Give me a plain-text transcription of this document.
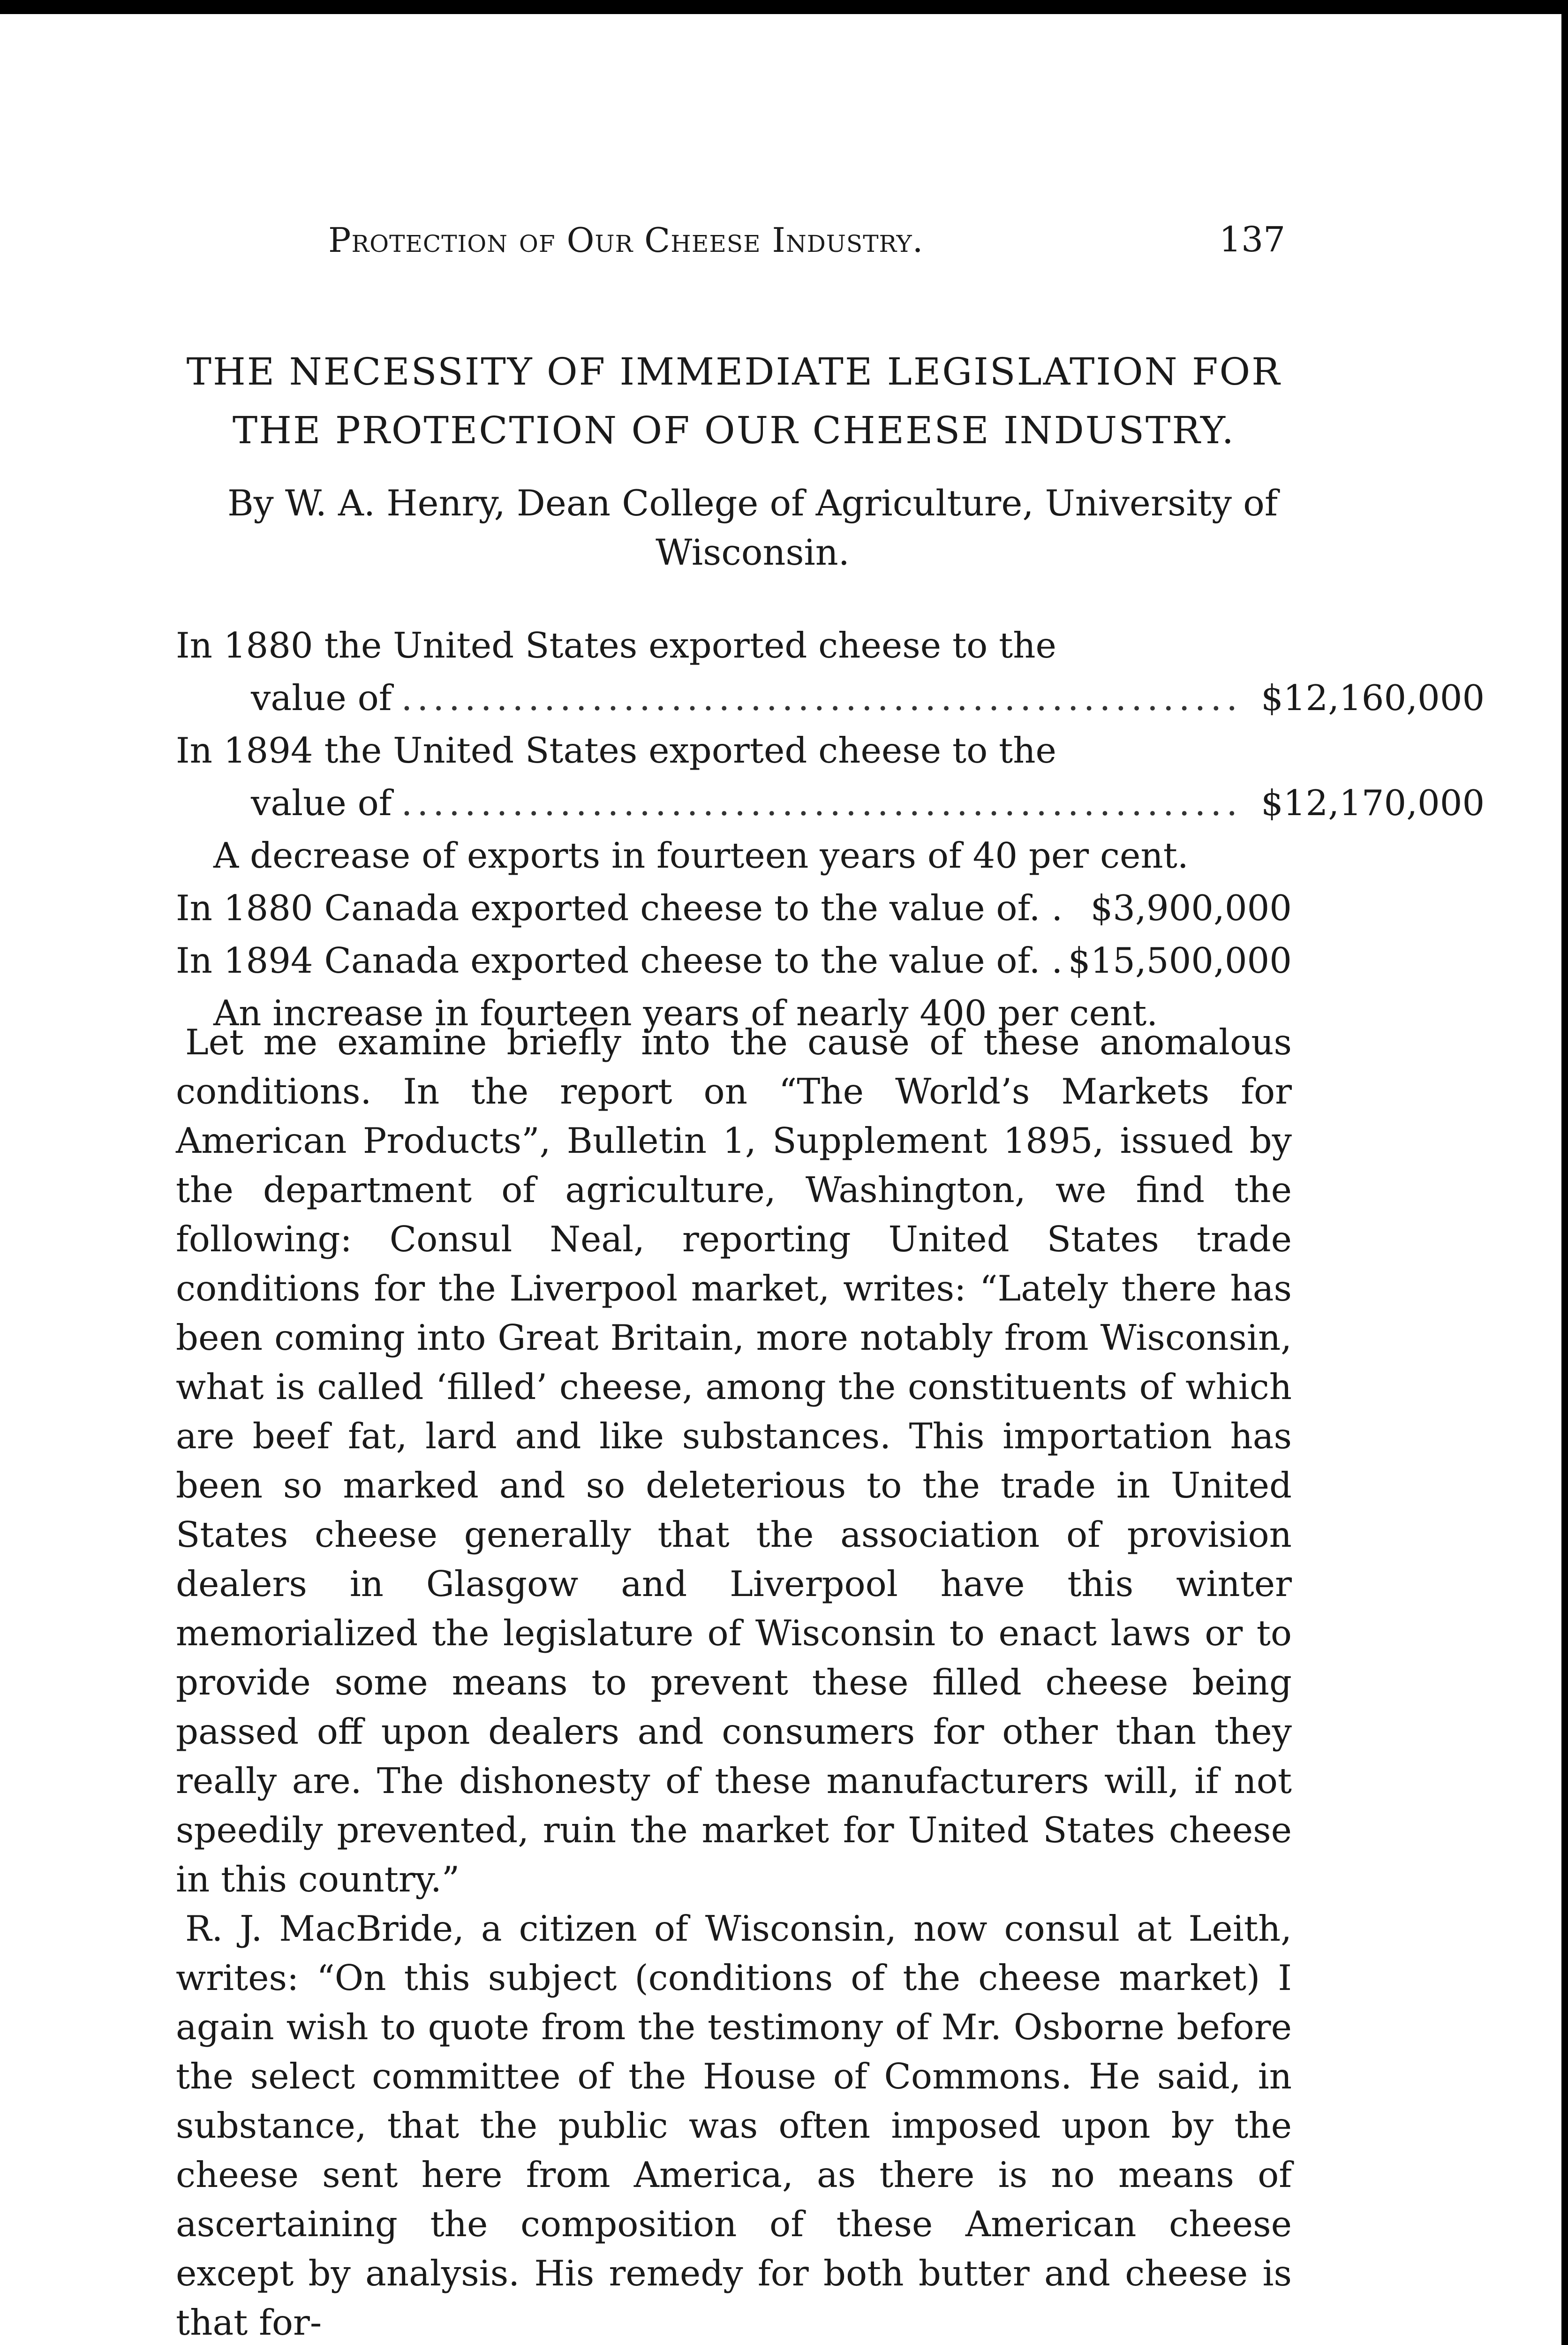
Protection of Our Cheese Industry.	137
THE NECESSITY OF IMMEDIATE LEGISLATION FOR
THE PROTECTION OF OUR CHEESE INDUSTRY.
By W. A. Henry, Dean College of Agriculture, University of
Wisconsin.
In 1880 the United States exported cheese to the
value of ..................................................... $12,160,000
In 1894 the United States exported cheese to the
value of ..................................................... $12,170,000
A decrease of exports in fourteen years of 40 per cent.
In 1880 Canada exported cheese to the value of. . $3,900,000
In 1894 Canada exported cheese to the value of. . $15,500,000
An increase in fourteen years of nearly 400 per cent.

Let me examine briefly into the cause of these anomalous conditions. In the report on “The World’s Markets for American Products”, Bulletin 1, Supplement 1895, issued by the department of agriculture, Washington, we find the following: Consul Neal, reporting United States trade conditions for the Liverpool market, writes: “Lately there has been coming into Great Britain, more notably from Wisconsin, what is called ‘filled’ cheese, among the constituents of which are beef fat, lard and like substances. This importation has been so marked and so deleterious to the trade in United States cheese generally that the association of provision dealers in Glasgow and Liverpool have this winter memorialized the legislature of Wisconsin to enact laws or to provide some means to prevent these filled cheese being passed off upon dealers and consumers for other than they really are. The dishonesty of these manufacturers will, if not speedily prevented, ruin the market for United States cheese in this country.”

R. J. MacBride, a citizen of Wisconsin, now consul at Leith, writes: “On this subject (conditions of the cheese market) I again wish to quote from the testimony of Mr. Osborne before the select committee of the House of Commons. He said, in substance, that the public was often imposed upon by the cheese sent here from America, as there is no means of ascertaining the composition of these American cheese except by analysis. His remedy for both butter and cheese is that for-
